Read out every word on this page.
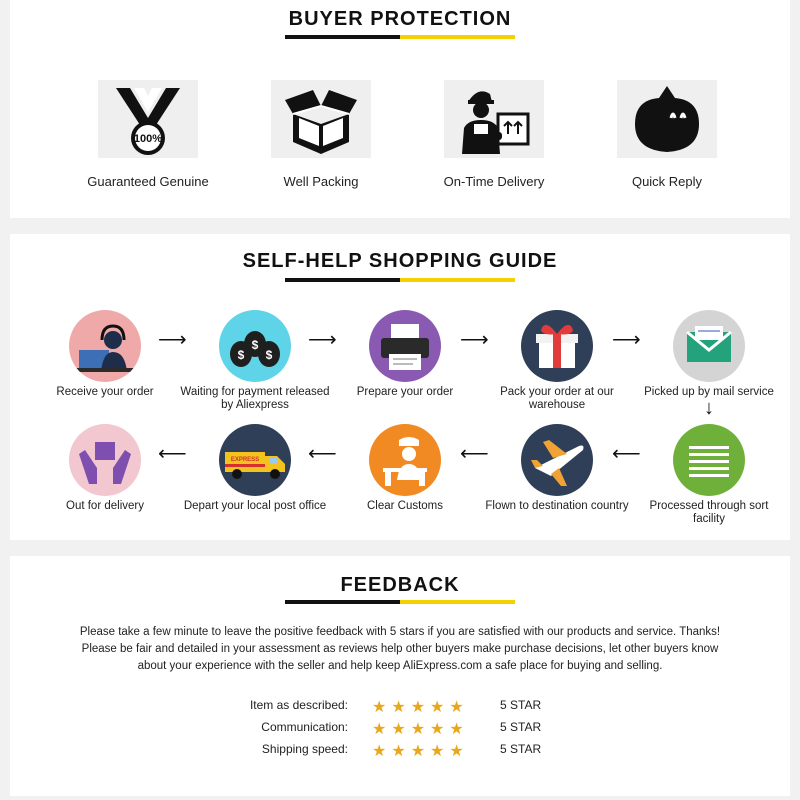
BUYER PROTECTION
100%
Guaranteed Genuine	Well Packing	On-Time Delivery	Quick Reply
SELF-HELP SHOPPING GUIDE
Receive your order
⟶
$ $
$
Waiting for payment released by Aliexpress
⟶
Prepare your order
⟶
Pack your order at our warehouse
⟶
Picked up by mail service
↓
Processed through sort facility
⟵
Flown to destination country
⟵
Clear Customs
⟵
EXPRESS
Depart your local post office
⟵
Out for delivery
FEEDBACK
Please take a few minute to leave the positive feedback with 5 stars if you are satisfied with our products and service. Thanks!
Please be fair and detailed in your assessment as reviews help other buyers make purchase decisions, let other buyers know
about your experience with the seller and help keep AliExpress.com a safe place for buying and selling.
Item as described: ★★★★★	5 STAR
Communication: ★★★★★	5 STAR
Shipping speed: ★★★★★	5 STAR
